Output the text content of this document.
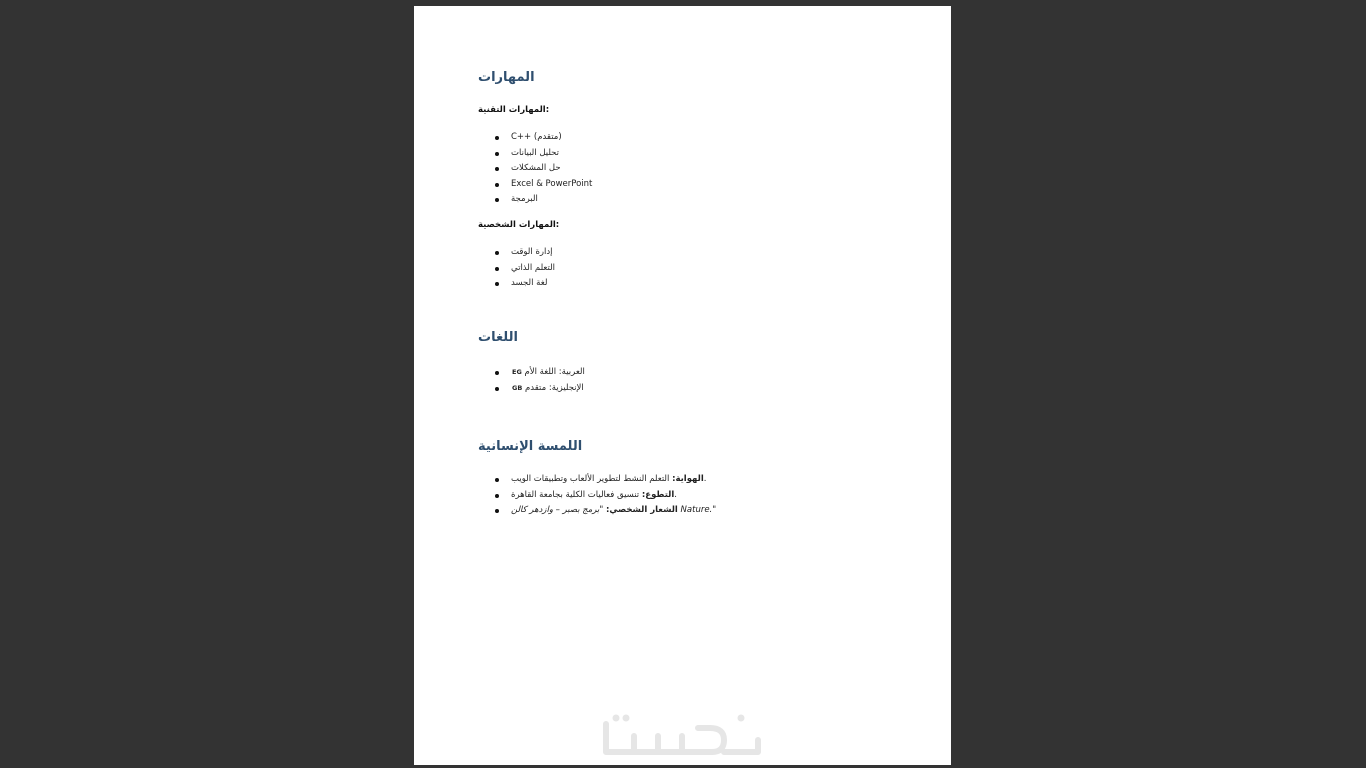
المهارات
المهارات التقنية:
C++ (متقدم)
تحليل البيانات
حل المشكلات
Excel & PowerPoint
البرمجة
المهارات الشخصية:
إدارة الوقت
التعلم الذاتي
لغة الجسد
اللغات
EG العربية: اللغة الأم
GB الإنجليزية: متقدم
اللمسة الإنسانية
الهواية: التعلم النشط لتطوير الألعاب وتطبيقات الويب.
التطوع: تنسيق فعاليات الكلية بجامعة القاهرة.
الشعار الشخصي: "برمج بصبر – وازدهر كالن Nature."
